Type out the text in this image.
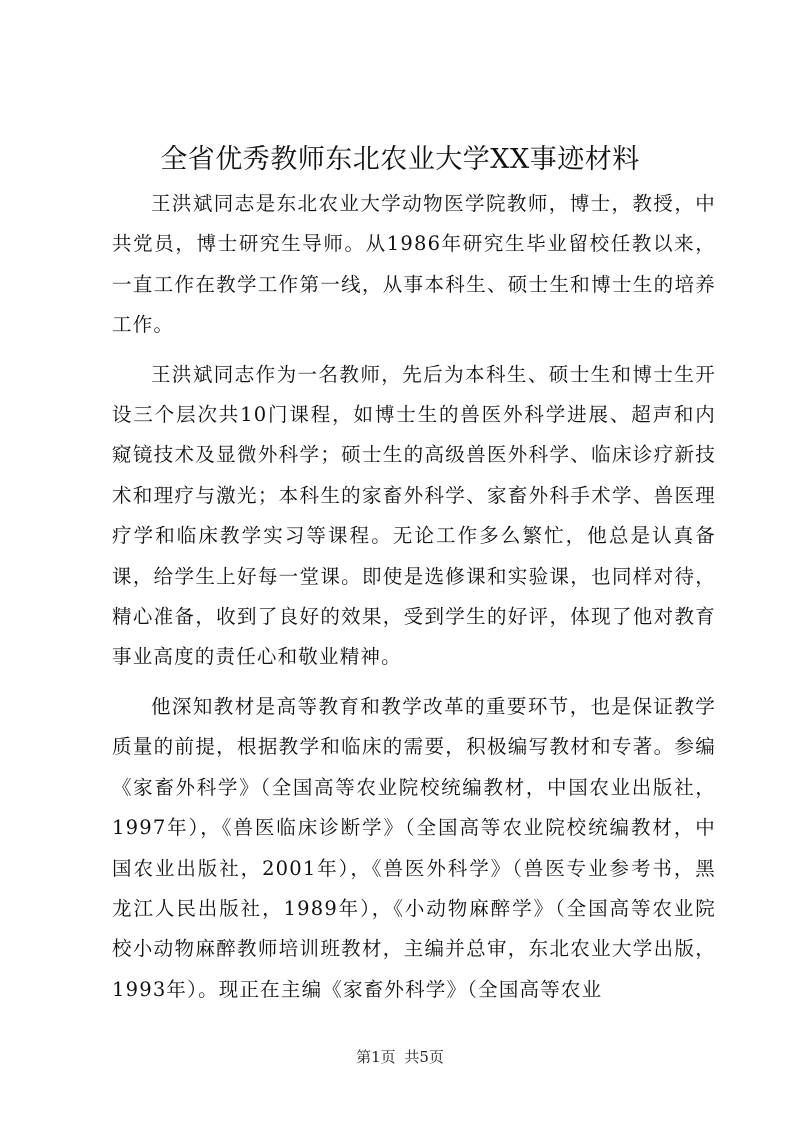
全省优秀教师东北农业大学XX事迹材料

王洪斌同志是东北农业大学动物医学院教师，博士，教授，中共党员，博士研究生导师。从1986年研究生毕业留校任教以来，一直工作在教学工作第一线，从事本科生、硕士生和博士生的培养工作。

王洪斌同志作为一名教师，先后为本科生、硕士生和博士生开设三个层次共10门课程，如博士生的兽医外科学进展、超声和内窥镜技术及显微外科学；硕士生的高级兽医外科学、临床诊疗新技术和理疗与激光；本科生的家畜外科学、家畜外科手术学、兽医理疗学和临床教学实习等课程。无论工作多么繁忙，他总是认真备课，给学生上好每一堂课。即使是选修课和实验课，也同样对待，精心准备，收到了良好的效果，受到学生的好评，体现了他对教育事业高度的责任心和敬业精神。

他深知教材是高等教育和教学改革的重要环节，也是保证教学质量的前提，根据教学和临床的需要，积极编写教材和专著。参编《家畜外科学》（全国高等农业院校统编教材，中国农业出版社，1997年），《兽医临床诊断学》（全国高等农业院校统编教材，中国农业出版社，2001年），《兽医外科学》（兽医专业参考书，黑龙江人民出版社，1989年），《小动物麻醉学》（全国高等农业院校小动物麻醉教师培训班教材，主编并总审，东北农业大学出版，1993年）。现正在主编《家畜外科学》（全国高等农业

第1页 共5页
